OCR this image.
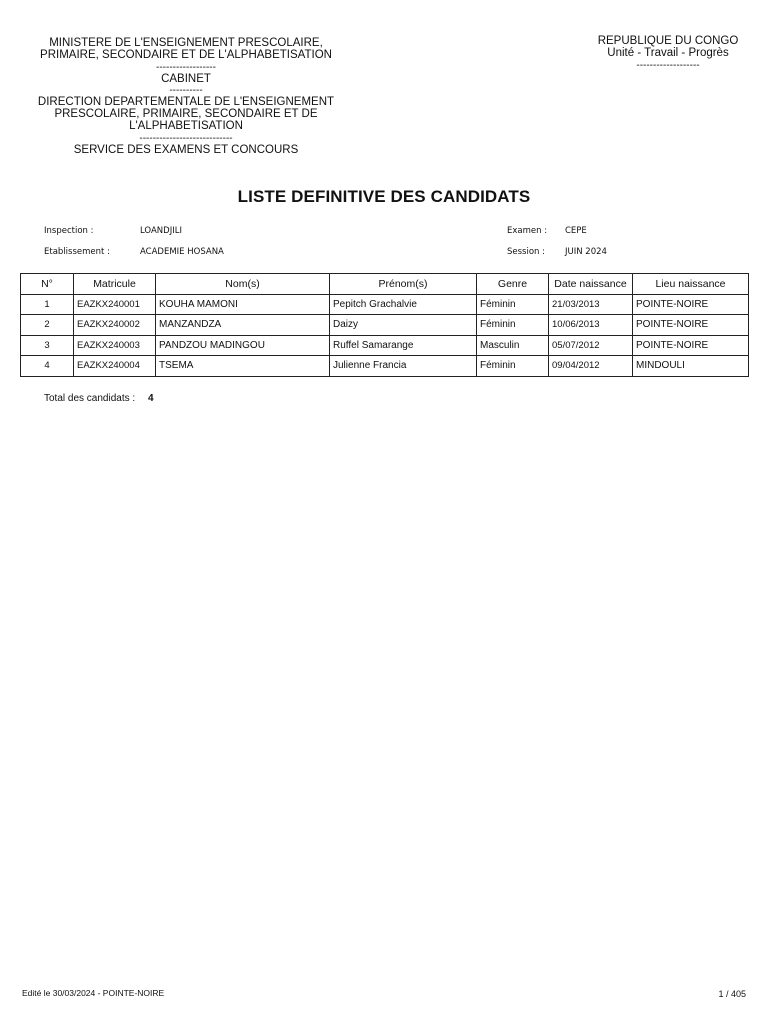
MINISTERE DE L'ENSEIGNEMENT PRESCOLAIRE,
PRIMAIRE, SECONDAIRE ET DE L'ALPHABETISATION
------------------
CABINET
----------
DIRECTION DEPARTEMENTALE DE L'ENSEIGNEMENT
PRESCOLAIRE, PRIMAIRE, SECONDAIRE ET DE
L'ALPHABETISATION
----------------------------
SERVICE DES EXAMENS ET CONCOURS
REPUBLIQUE DU CONGO
Unité - Travail - Progrès
-------------------
LISTE DEFINITIVE DES CANDIDATS
Inspection :	LOANDJILI
Etablissement :	ACADEMIE HOSANA
Examen : CEPE
Session : JUIN 2024
N°	Matricule	Nom(s)	Prénom(s)	Genre	Date naissance	Lieu naissance
1	EAZKX240001	KOUHA MAMONI	Pepitch Grachalvie	Féminin	21/03/2013	POINTE-NOIRE
2	EAZKX240002	MANZANDZA	Daizy	Féminin	10/06/2013	POINTE-NOIRE
3	EAZKX240003	PANDZOU MADINGOU	Ruffel Samarange	Masculin	05/07/2012	POINTE-NOIRE
4	EAZKX240004	TSEMA	Julienne Francia	Féminin	09/04/2012	MINDOULI
Total des candidats : 4
Edité le 30/03/2024 - POINTE-NOIRE	1 / 405
